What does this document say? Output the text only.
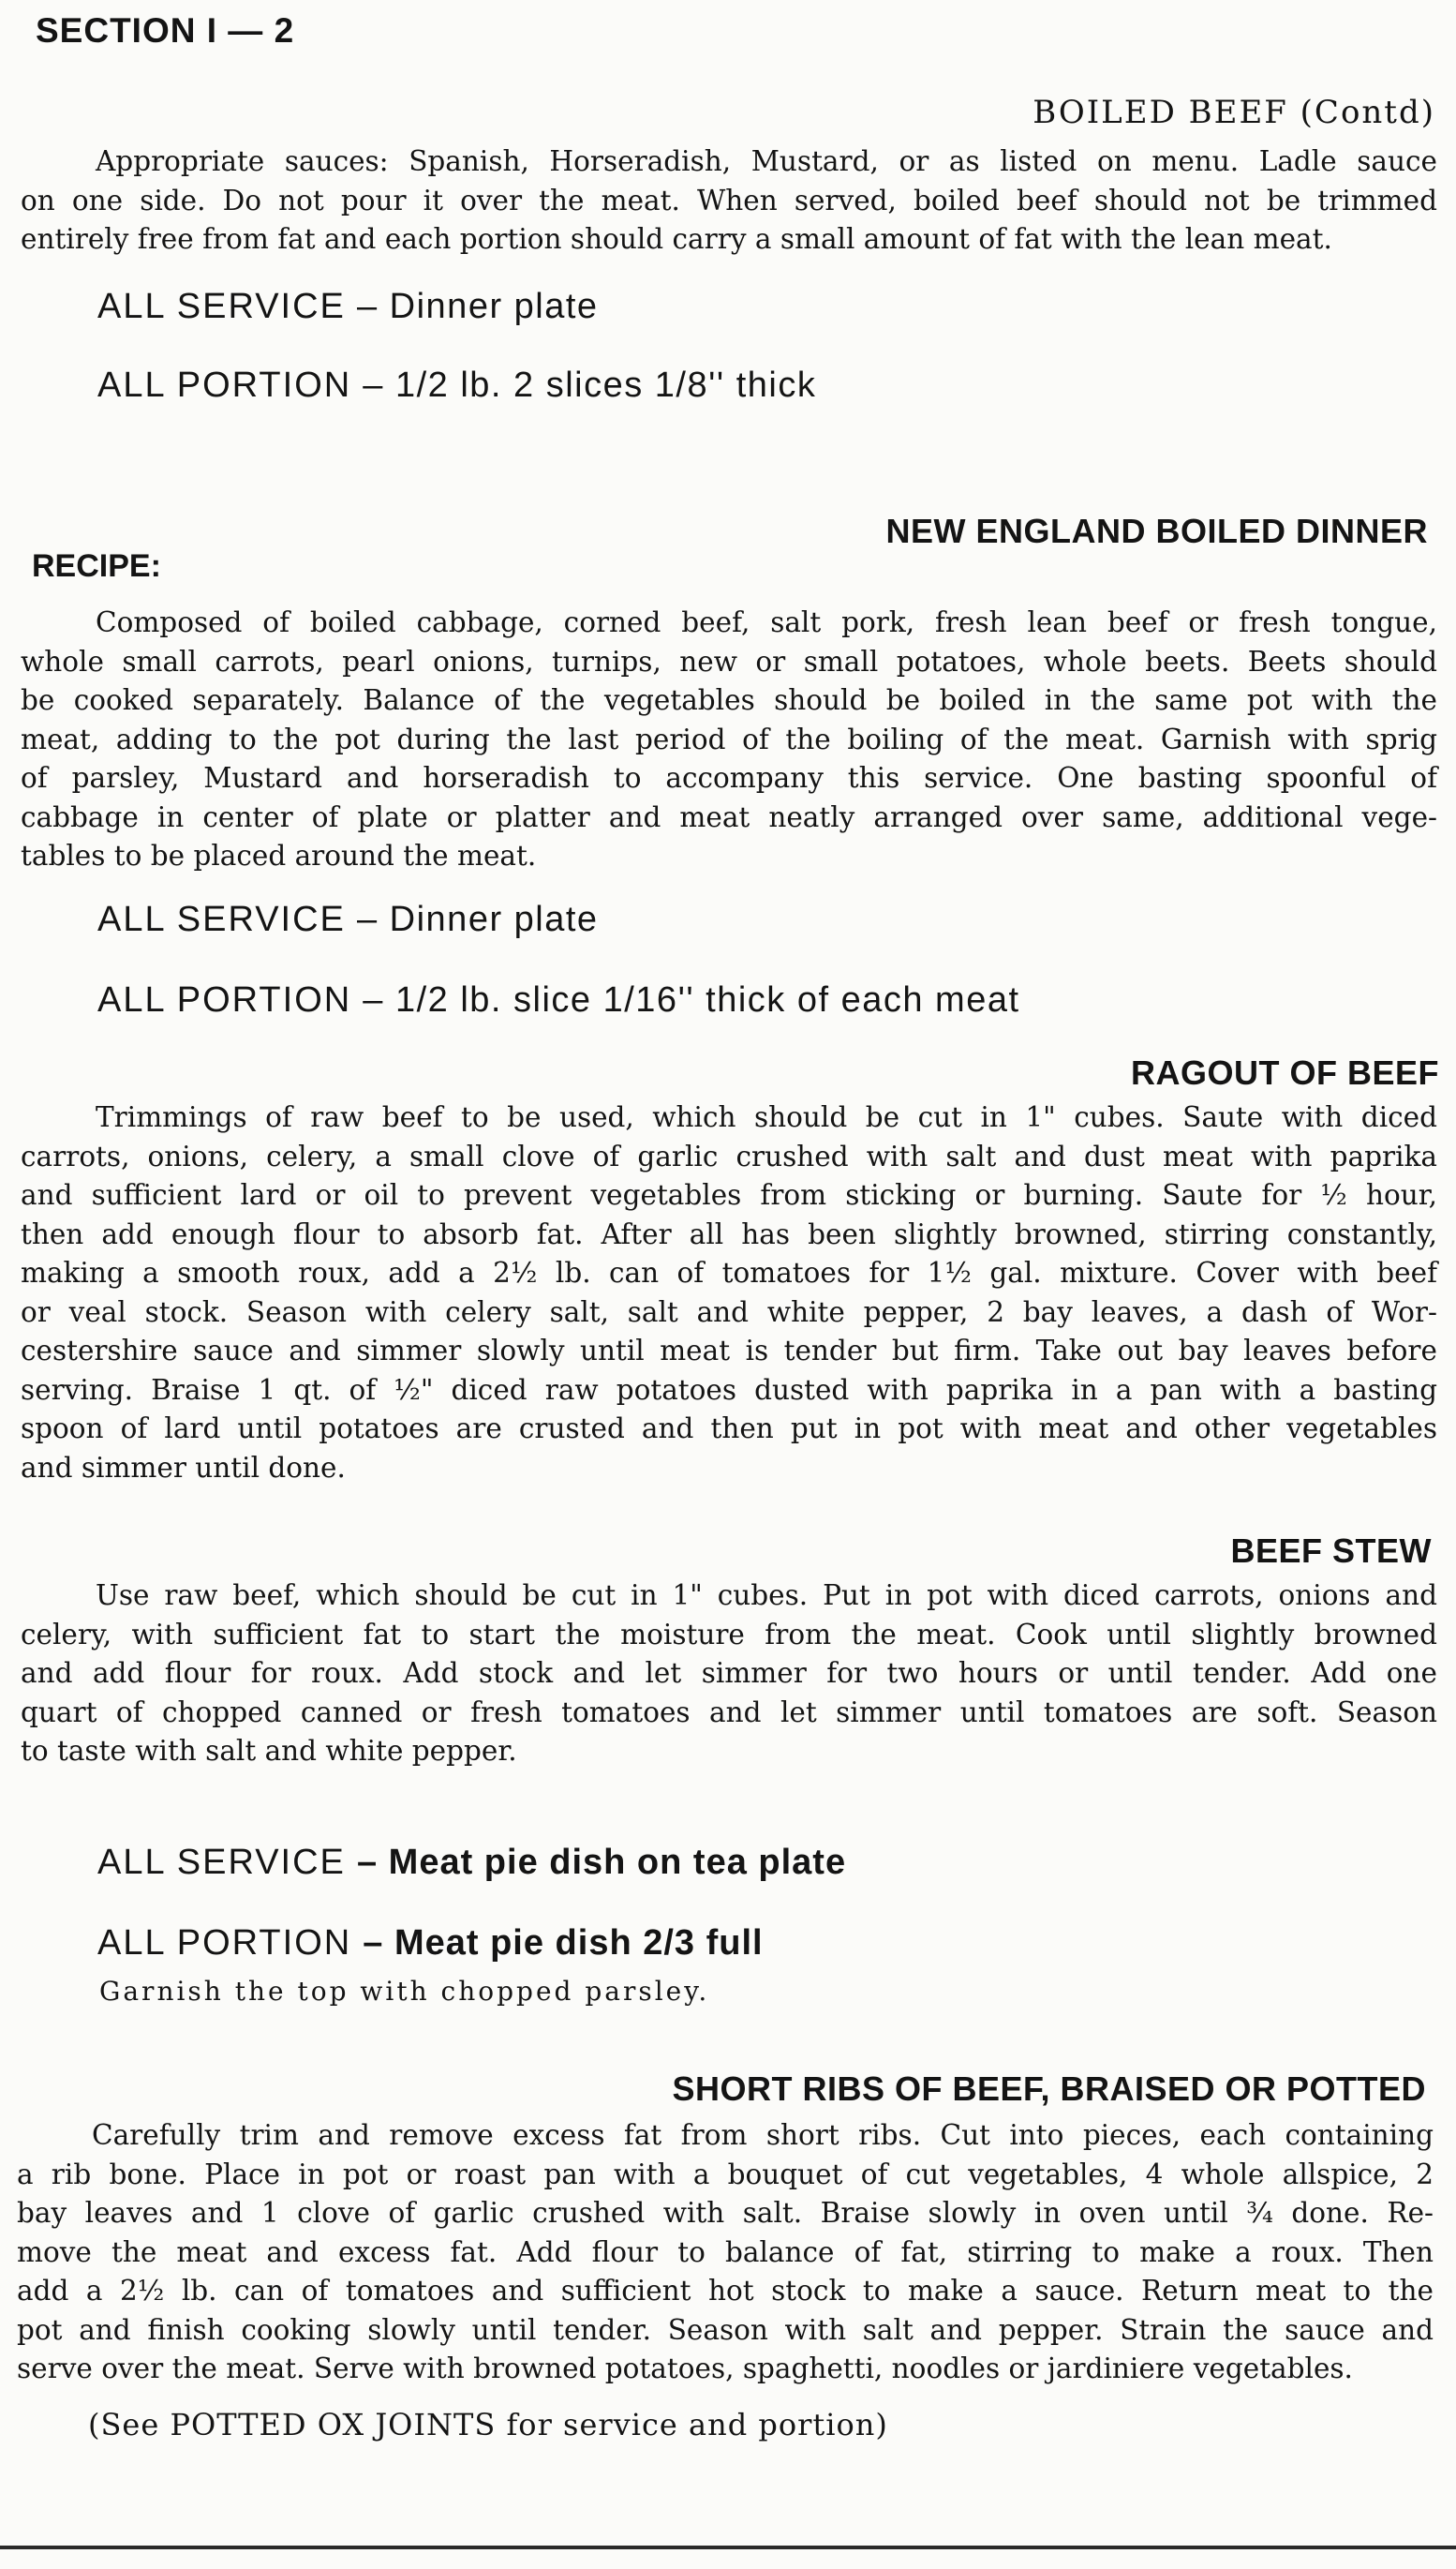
SECTION I — 2
BOILED BEEF (Contd)
Appropriate sauces: Spanish, Horseradish, Mustard, or as listed on menu. Ladle sauce
on one side. Do not pour it over the meat. When served, boiled beef should not be trimmed
entirely free from fat and each portion should carry a small amount of fat with the lean meat.
ALL SERVICE – Dinner plate
ALL PORTION – 1/2 lb. 2 slices 1/8'' thick
NEW ENGLAND BOILED DINNER
RECIPE:
Composed of boiled cabbage, corned beef, salt pork, fresh lean beef or fresh tongue,
whole small carrots, pearl onions, turnips, new or small potatoes, whole beets. Beets should
be cooked separately. Balance of the vegetables should be boiled in the same pot with the
meat, adding to the pot during the last period of the boiling of the meat. Garnish with sprig
of parsley, Mustard and horseradish to accompany this service. One basting spoonful of
cabbage in center of plate or platter and meat neatly arranged over same, additional vege-
tables to be placed around the meat.
ALL SERVICE – Dinner plate
ALL PORTION – 1/2 lb. slice 1/16'' thick of each meat
RAGOUT OF BEEF
Trimmings of raw beef to be used, which should be cut in 1" cubes. Saute with diced
carrots, onions, celery, a small clove of garlic crushed with salt and dust meat with paprika
and sufficient lard or oil to prevent vegetables from sticking or burning. Saute for ½ hour,
then add enough flour to absorb fat. After all has been slightly browned, stirring constantly,
making a smooth roux, add a 2½ lb. can of tomatoes for 1½ gal. mixture. Cover with beef
or veal stock. Season with celery salt, salt and white pepper, 2 bay leaves, a dash of Wor-
cestershire sauce and simmer slowly until meat is tender but firm. Take out bay leaves before
serving. Braise 1 qt. of ½" diced raw potatoes dusted with paprika in a pan with a basting
spoon of lard until potatoes are crusted and then put in pot with meat and other vegetables
and simmer until done.
BEEF STEW
Use raw beef, which should be cut in 1" cubes. Put in pot with diced carrots, onions and
celery, with sufficient fat to start the moisture from the meat. Cook until slightly browned
and add flour for roux. Add stock and let simmer for two hours or until tender. Add one
quart of chopped canned or fresh tomatoes and let simmer until tomatoes are soft. Season
to taste with salt and white pepper.
ALL SERVICE – Meat pie dish on tea plate
ALL PORTION – Meat pie dish 2/3 full
Garnish the top with chopped parsley.
SHORT RIBS OF BEEF, BRAISED OR POTTED
Carefully trim and remove excess fat from short ribs. Cut into pieces, each containing
a rib bone. Place in pot or roast pan with a bouquet of cut vegetables, 4 whole allspice, 2
bay leaves and 1 clove of garlic crushed with salt. Braise slowly in oven until ¾ done. Re-
move the meat and excess fat. Add flour to balance of fat, stirring to make a roux. Then
add a 2½ lb. can of tomatoes and sufficient hot stock to make a sauce. Return meat to the
pot and finish cooking slowly until tender. Season with salt and pepper. Strain the sauce and
serve over the meat. Serve with browned potatoes, spaghetti, noodles or jardiniere vegetables.
(See POTTED OX JOINTS for service and portion)
